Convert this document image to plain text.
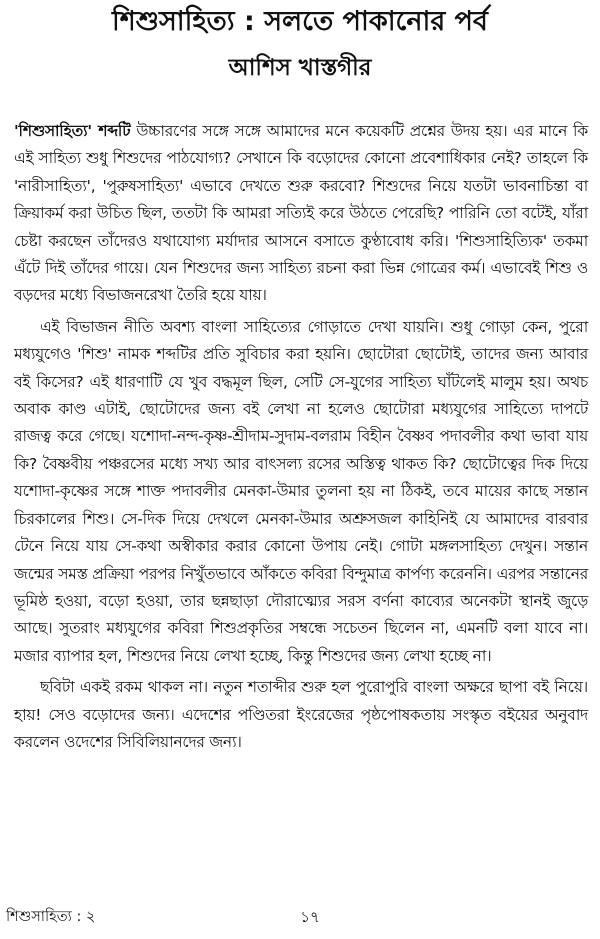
শিশুসাহিত্য : সলতে পাকানোর পর্ব
আশিস খাস্তগীর

'শিশুসাহিত্য' শব্দটি উচ্চারণের সঙ্গে সঙ্গে আমাদের মনে কয়েকটি প্রশ্নের উদয় হয়। এর মানে কি এই সাহিত্য শুধু শিশুদের পাঠযোগ্য? সেখানে কি বড়োদের কোনো প্রবেশাধিকার নেই? তাহলে কি 'নারীসাহিত্য', 'পুরুষসাহিত্য' এভাবে দেখতে শুরু করবো? শিশুদের নিয়ে যতটা ভাবনাচিন্তা বা ক্রিয়াকর্ম করা উচিত ছিল, ততটা কি আমরা সত্যিই করে উঠতে পেরেছি? পারিনি তো বটেই, যাঁরা চেষ্টা করছেন তাঁদেরও যথাযোগ্য মর্যাদার আসনে বসাতে কুণ্ঠাবোধ করি। 'শিশুসাহিত্যিক' তকমা এঁটে দিই তাঁদের গায়ে। যেন শিশুদের জন্য সাহিত্য রচনা করা ভিন্ন গোত্রের কর্ম। এভাবেই শিশু ও বড়দের মধ্যে বিভাজনরেখা তৈরি হয়ে যায়।

এই বিভাজন নীতি অবশ্য বাংলা সাহিত্যের গোড়াতে দেখা যায়নি। শুধু গোড়া কেন, পুরো মধ্যযুগেও 'শিশু' নামক শব্দটির প্রতি সুবিচার করা হয়নি। ছোটোরা ছোটোই, তাদের জন্য আবার বই কিসের? এই ধারণাটি যে খুব বদ্ধমূল ছিল, সেটি সে-যুগের সাহিত্য ঘাঁটলেই মালুম হয়। অথচ অবাক কাণ্ড এটাই, ছোটোদের জন্য বই লেখা না হলেও ছোটোরা মধ্যযুগের সাহিত্যে দাপটে রাজত্ব করে গেছে। যশোদা-নন্দ-কৃষ্ণ-শ্রীদাম-সুদাম-বলরাম বিহীন বৈষ্ণব পদাবলীর কথা ভাবা যায় কি? বৈষ্ণবীয় পঞ্চরসের মধ্যে সখ্য আর বাৎসল্য রসের অস্তিত্ব থাকত কি? ছোটোত্বের দিক দিয়ে যশোদা-কৃষ্ণের সঙ্গে শাক্ত পদাবলীর মেনকা-উমার তুলনা হয় না ঠিকই, তবে মায়ের কাছে সন্তান চিরকালের শিশু। সে-দিক দিয়ে দেখলে মেনকা-উমার অশ্রুসজল কাহিনিই যে আমাদের বারবার টেনে নিয়ে যায় সে-কথা অস্বীকার করার কোনো উপায় নেই। গোটা মঙ্গলসাহিত্য দেখুন। সন্তান জন্মের সমস্ত প্রক্রিয়া পরপর নিখুঁতভাবে আঁকতে কবিরা বিন্দুমাত্র কার্পণ্য করেননি। এরপর সন্তানের ভূমিষ্ঠ হওয়া, বড়ো হওয়া, তার ছন্নছাড়া দৌরাত্ম্যের সরস বর্ণনা কাব্যের অনেকটা স্থানই জুড়ে আছে। সুতরাং মধ্যযুগের কবিরা শিশুপ্রকৃতির সম্বন্ধে সচেতন ছিলেন না, এমনটি বলা যাবে না। মজার ব্যাপার হল, শিশুদের নিয়ে লেখা হচ্ছে, কিন্তু শিশুদের জন্য লেখা হচ্ছে না।

ছবিটা একই রকম থাকল না। নতুন শতাব্দীর শুরু হল পুরোপুরি বাংলা অক্ষরে ছাপা বই নিয়ে। হায়! সেও বড়োদের জন্য। এদেশের পণ্ডিতরা ইংরেজের পৃষ্ঠপোষকতায় সংস্কৃত বইয়ের অনুবাদ করলেন ওদেশের সিবিলিয়ানদের জন্য।

শিশুসাহিত্য : ২	১৭
